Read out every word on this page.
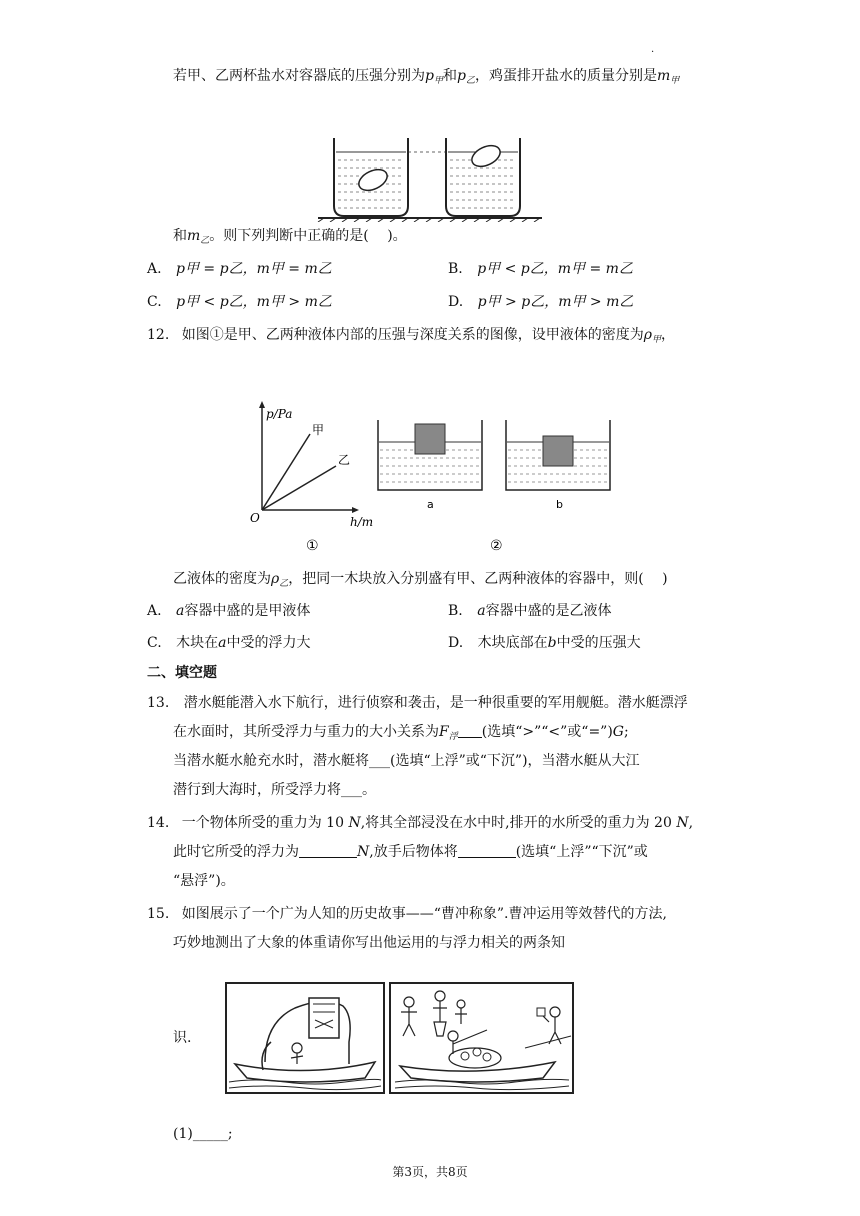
.
若甲、乙两杯盐水对容器底的压强分别为$p_甲$和$p_乙$，鸡蛋排开盐水的质量分别是$m_甲$
和$m_乙$。则下列判断中正确的是(　 )。
A. p甲 = p乙，m甲 = m乙	B. p甲 < p乙，m甲 = m乙
C. p甲 < p乙，m甲 > m乙	D. p甲 > p乙，m甲 > m乙
12. 如图①是甲、乙两种液体内部的压强与深度关系的图像，设甲液体的密度为$\rho_甲$，
p/Pa
甲
乙
O	h/m
①
a	b
②
乙液体的密度为$\rho_乙$，把同一木块放入分别盛有甲、乙两种液体的容器中，则(　 )
A. a容器中盛的是甲液体	B. a容器中盛的是乙液体
C. 木块在a中受的浮力大	D. 木块底部在b中受的压强大
二、填空题
13. 潜水艇能潜入水下航行，进行侦察和袭击，是一种很重要的军用舰艇。潜水艇漂浮
在水面时，其所受浮力与重力的大小关系为$F_浮$ (选填“>”“<”或“=”)G;
当潜水艇水舱充水时，潜水艇将___(选填“上浮”或“下沉”)，当潜水艇从大江
潜行到大海时，所受浮力将___。
14. 一个物体所受的重力为 10 N,将其全部浸没在水中时,排开的水所受的重力为 20 N,
此时它所受的浮力为	N,放手后物体将	(选填“上浮”“下沉”或
“悬浮”)。
15. 如图展示了一个广为人知的历史故事——“曹冲称象”.曹冲运用等效替代的方法,
巧妙地测出了大象的体重请你写出他运用的与浮力相关的两条知
识.
(1)_____;
第3页，共8页
